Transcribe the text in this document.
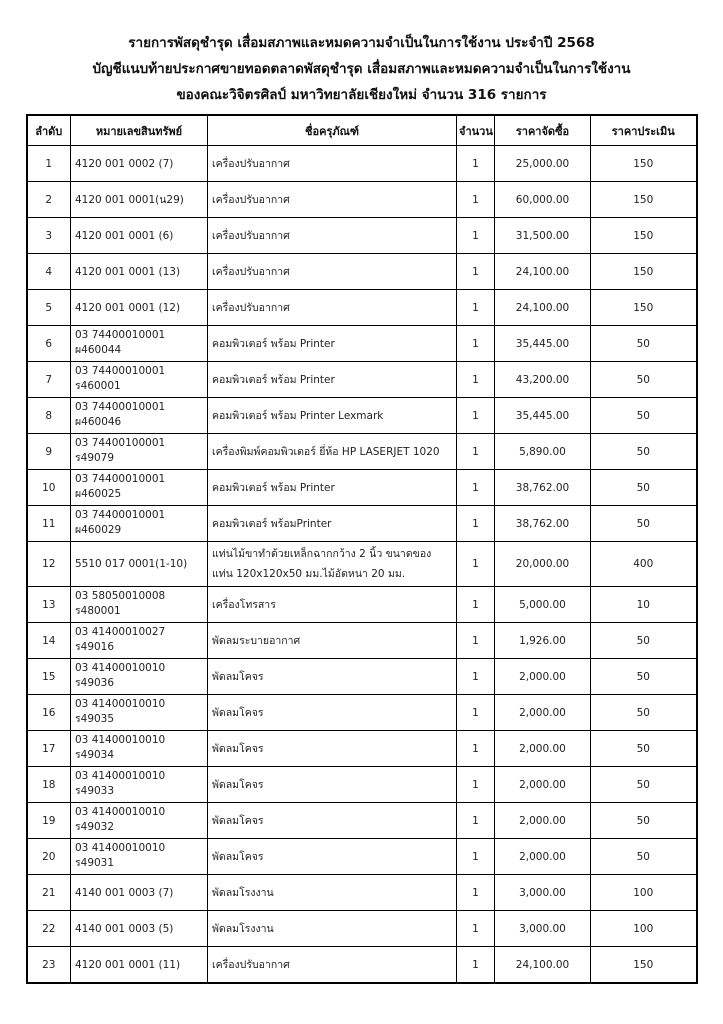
รายการพัสดุชำรุด เสื่อมสภาพและหมดความจำเป็นในการใช้งาน ประจำปี 2568
บัญชีแนบท้ายประกาศขายทอดตลาดพัสดุชำรุด เสื่อมสภาพและหมดความจำเป็นในการใช้งาน
ของคณะวิจิตรศิลป์ มหาวิทยาลัยเชียงใหม่ จำนวน 316 รายการ
ลำดับ	หมายเลขสินทรัพย์	ชื่อครุภัณฑ์	จำนวน	ราคาจัดซื้อ	ราคาประเมิน
1	4120 001 0002 (7)	เครื่องปรับอากาศ	1	25,000.00	150
2	4120 001 0001(น29)	เครื่องปรับอากาศ	1	60,000.00	150
3	4120 001 0001 (6)	เครื่องปรับอากาศ	1	31,500.00	150
4	4120 001 0001 (13)	เครื่องปรับอากาศ	1	24,100.00	150
5	4120 001 0001 (12)	เครื่องปรับอากาศ	1	24,100.00	150
6	03 74400010001 ผ460044	คอมพิวเตอร์ พร้อม Printer	1	35,445.00	50
7	03 74400010001 ร460001	คอมพิวเตอร์ พร้อม Printer	1	43,200.00	50
8	03 74400010001 ผ460046	คอมพิวเตอร์ พร้อม Printer Lexmark	1	35,445.00	50
9	03 74400100001 ร49079	เครื่องพิมพ์คอมพิวเตอร์ ยี่ห้อ HP LASERJET 1020	1	5,890.00	50
10	03 74400010001 ผ460025	คอมพิวเตอร์ พร้อม Printer	1	38,762.00	50
11	03 74400010001 ผ460029	คอมพิวเตอร์ พร้อมPrinter	1	38,762.00	50
12	5510 017 0001(1-10)	แท่นไม้ขาทำด้วยเหล็กฉากกว้าง 2 นิ้ว ขนาดของแท่น 120x120x50 มม.ไม้อัดหนา 20 มม.	1	20,000.00	400
13	03 58050010008 ร480001	เครื่องโทรสาร	1	5,000.00	10
14	03 41400010027 ร49016	พัดลมระบายอากาศ	1	1,926.00	50
15	03 41400010010 ร49036	พัดลมโคจร	1	2,000.00	50
16	03 41400010010 ร49035	พัดลมโคจร	1	2,000.00	50
17	03 41400010010 ร49034	พัดลมโคจร	1	2,000.00	50
18	03 41400010010 ร49033	พัดลมโคจร	1	2,000.00	50
19	03 41400010010 ร49032	พัดลมโคจร	1	2,000.00	50
20	03 41400010010 ร49031	พัดลมโคจร	1	2,000.00	50
21	4140 001 0003 (7)	พัดลมโรงงาน	1	3,000.00	100
22	4140 001 0003 (5)	พัดลมโรงงาน	1	3,000.00	100
23	4120 001 0001 (11)	เครื่องปรับอากาศ	1	24,100.00	150
